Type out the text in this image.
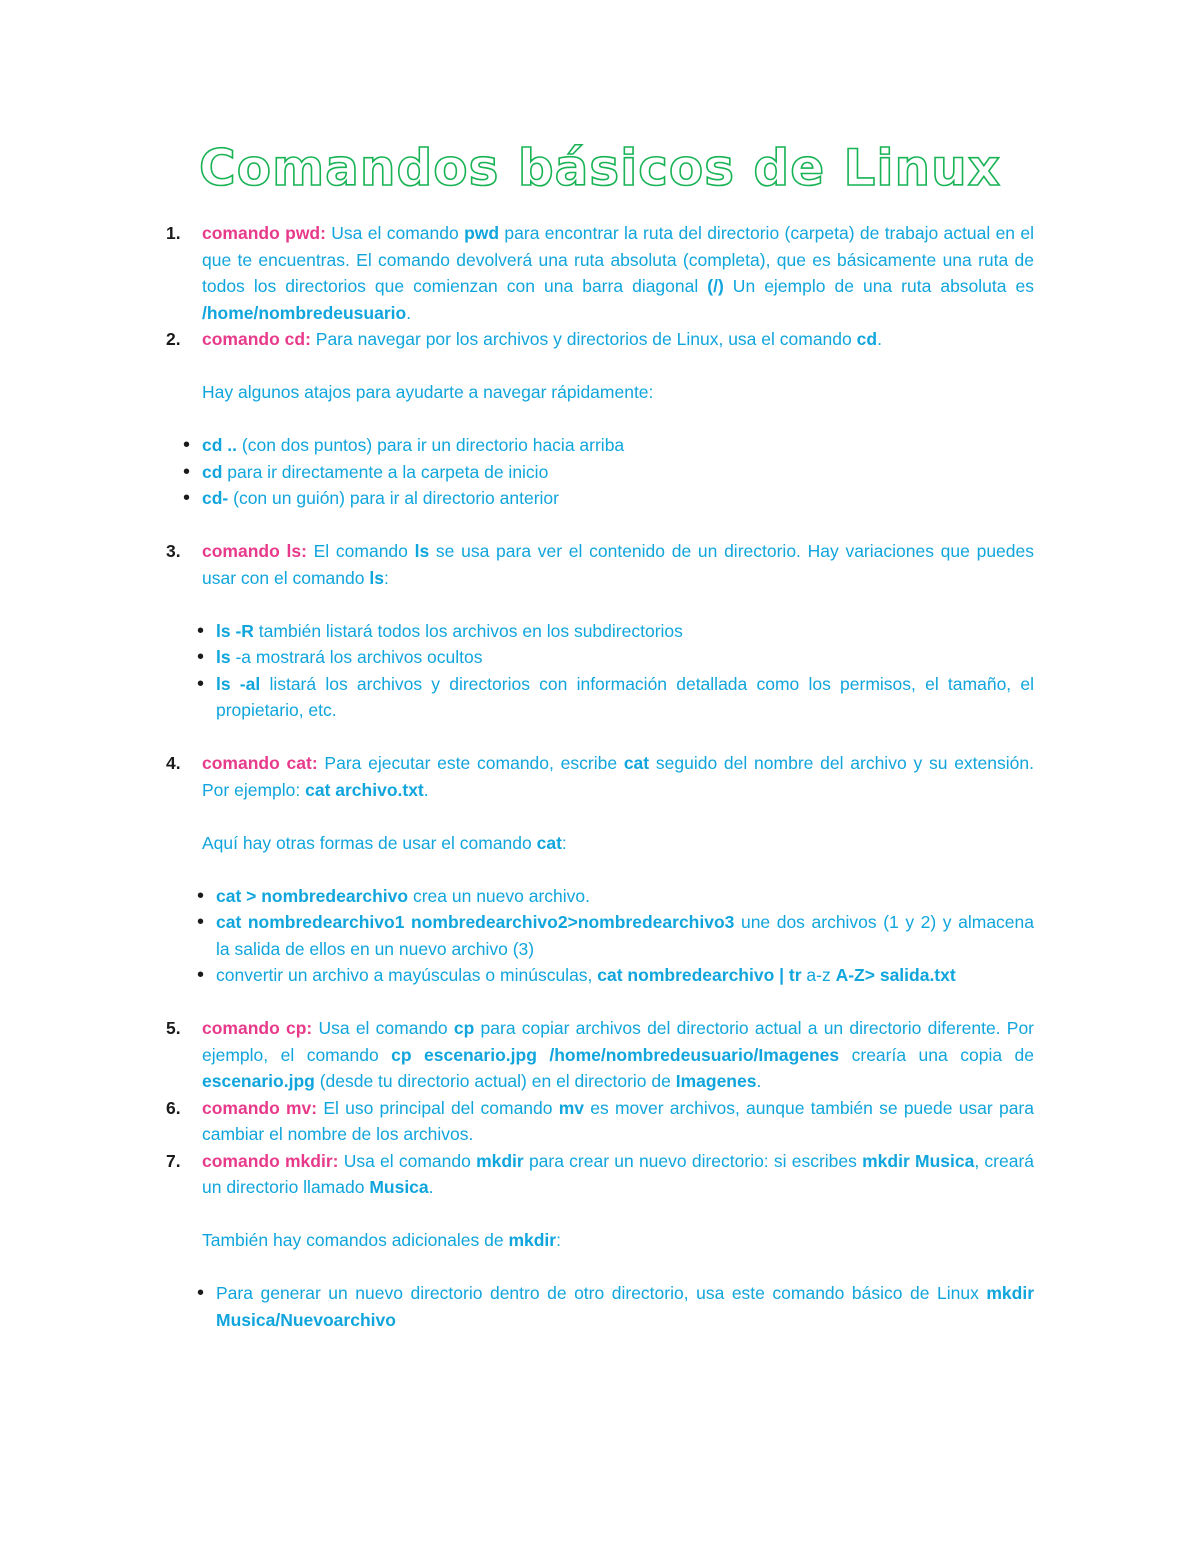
Comandos básicos de Linux
1.	comando pwd: Usa el comando pwd para encontrar la ruta del directorio (carpeta) de trabajo actual en el que te encuentras. El comando devolverá una ruta absoluta (completa), que es básicamente una ruta de todos los directorios que comienzan con una barra diagonal (/) Un ejemplo de una ruta absoluta es /home/nombredeusuario.
2.	comando cd: Para navegar por los archivos y directorios de Linux, usa el comando cd.
Hay algunos atajos para ayudarte a navegar rápidamente:
• cd .. (con dos puntos) para ir un directorio hacia arriba
• cd para ir directamente a la carpeta de inicio
• cd- (con un guión) para ir al directorio anterior
3.	comando ls: El comando ls se usa para ver el contenido de un directorio. Hay variaciones que puedes usar con el comando ls:
• ls -R también listará todos los archivos en los subdirectorios
• ls -a mostrará los archivos ocultos
• ls -al listará los archivos y directorios con información detallada como los permisos, el tamaño, el propietario, etc.
4.	comando cat: Para ejecutar este comando, escribe cat seguido del nombre del archivo y su extensión. Por ejemplo: cat archivo.txt.
Aquí hay otras formas de usar el comando cat:
• cat > nombredearchivo crea un nuevo archivo.
• cat nombredearchivo1 nombredearchivo2>nombredearchivo3 une dos archivos (1 y 2) y almacena la salida de ellos en un nuevo archivo (3)
• convertir un archivo a mayúsculas o minúsculas, cat nombredearchivo | tr a-z A-Z> salida.txt
5.	comando cp: Usa el comando cp para copiar archivos del directorio actual a un directorio diferente. Por ejemplo, el comando cp escenario.jpg /home/nombredeusuario/Imagenes crearía una copia de escenario.jpg (desde tu directorio actual) en el directorio de Imagenes.
6.	comando mv: El uso principal del comando mv es mover archivos, aunque también se puede usar para cambiar el nombre de los archivos.
7.	comando mkdir: Usa el comando mkdir para crear un nuevo directorio: si escribes mkdir Musica, creará un directorio llamado Musica.
También hay comandos adicionales de mkdir:
• Para generar un nuevo directorio dentro de otro directorio, usa este comando básico de Linux mkdir Musica/Nuevoarchivo
